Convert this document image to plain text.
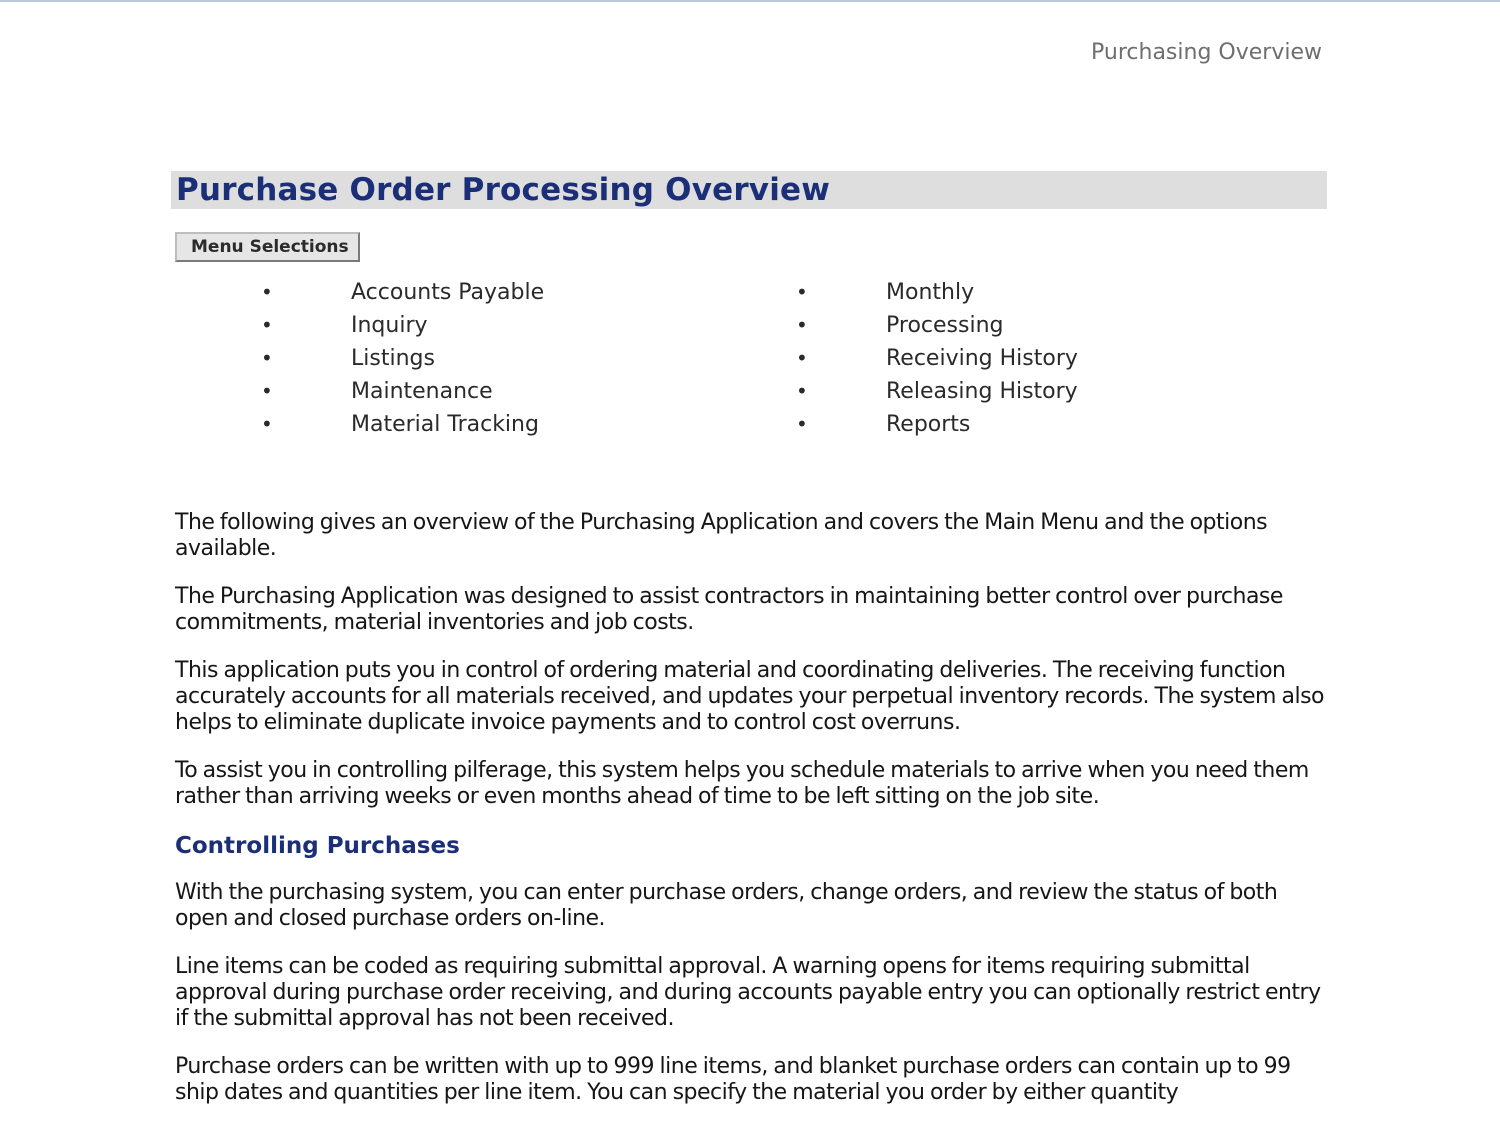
Purchasing Overview
Purchase Order Processing Overview
Menu Selections
•	Accounts Payable
•	Inquiry
•	Listings
•	Maintenance
•	Material Tracking
•	Monthly
•	Processing
•	Receiving History
•	Releasing History
•	Reports

The following gives an overview of the Purchasing Application and covers the Main Menu and the options available.

The Purchasing Application was designed to assist contractors in maintaining better control over purchase commitments, material inventories and job costs.

This application puts you in control of ordering material and coordinating deliveries. The receiving function accurately accounts for all materials received, and updates your perpetual inventory records. The system also helps to eliminate duplicate invoice payments and to control cost overruns.

To assist you in controlling pilferage, this system helps you schedule materials to arrive when you need them rather than arriving weeks or even months ahead of time to be left sitting on the job site.

Controlling Purchases

With the purchasing system, you can enter purchase orders, change orders, and review the status of both open and closed purchase orders on-line.

Line items can be coded as requiring submittal approval. A warning opens for items requiring submittal approval during purchase order receiving, and during accounts payable entry you can optionally restrict entry if the submittal approval has not been received.

Purchase orders can be written with up to 999 line items, and blanket purchase orders can contain up to 99 ship dates and quantities per line item. You can specify the material you order by either quantity
